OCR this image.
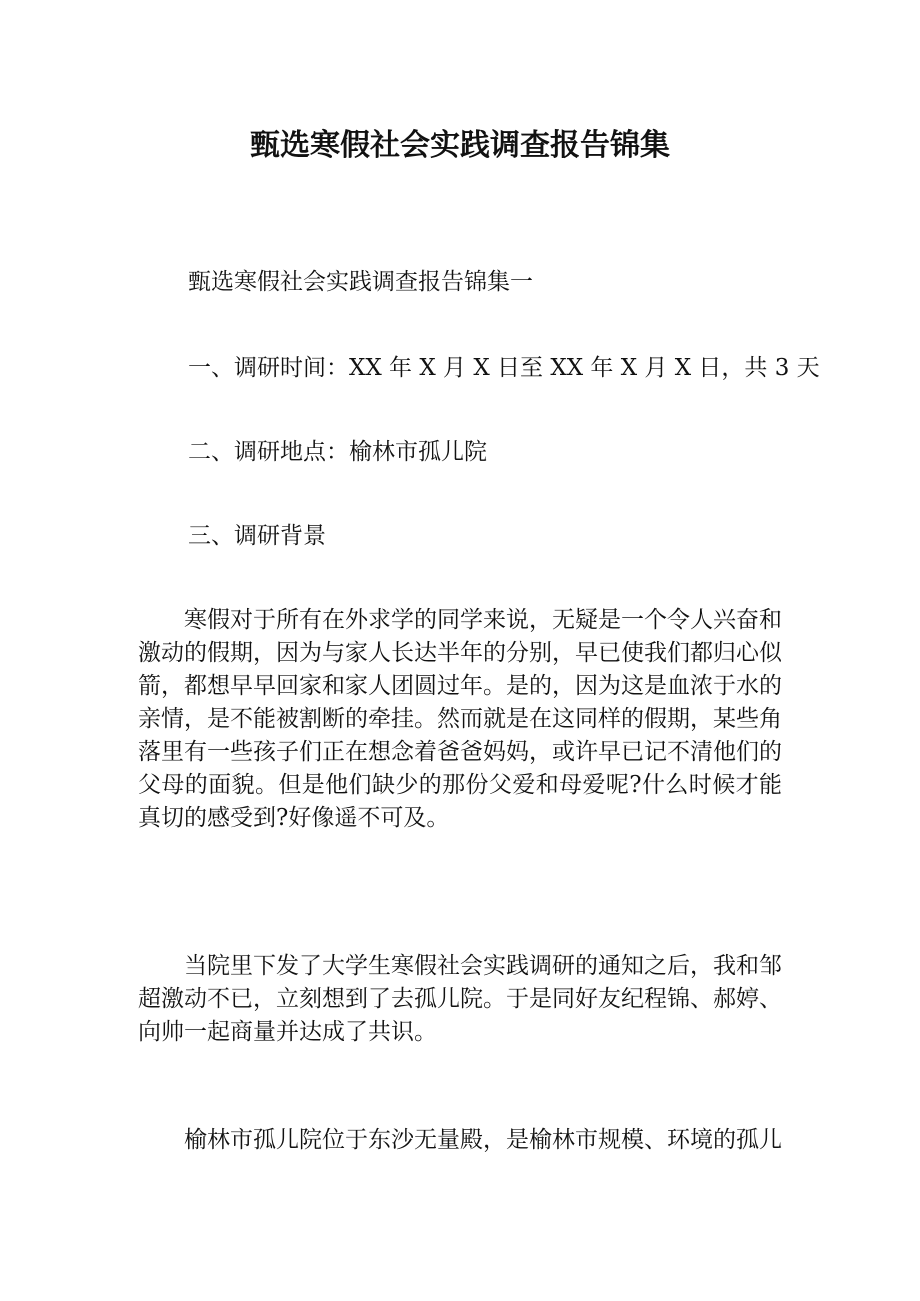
甄选寒假社会实践调查报告锦集
甄选寒假社会实践调查报告锦集一
一、调研时间：XX 年 X 月 X 日至 XX 年 X 月 X 日，共 3 天
二、调研地点：榆林市孤儿院
三、调研背景
寒假对于所有在外求学的同学来说，无疑是一个令人兴奋和激动的假期，因为与家人长达半年的分别，早已使我们都归心似箭，都想早早回家和家人团圆过年。是的，因为这是血浓于水的亲情，是不能被割断的牵挂。然而就是在这同样的假期，某些角落里有一些孩子们正在想念着爸爸妈妈，或许早已记不清他们的父母的面貌。但是他们缺少的那份父爱和母爱呢?什么时候才能真切的感受到?好像遥不可及。
当院里下发了大学生寒假社会实践调研的通知之后，我和邹超激动不已，立刻想到了去孤儿院。于是同好友纪程锦、郝婷、向帅一起商量并达成了共识。
榆林市孤儿院位于东沙无量殿，是榆林市规模、环境的孤儿
